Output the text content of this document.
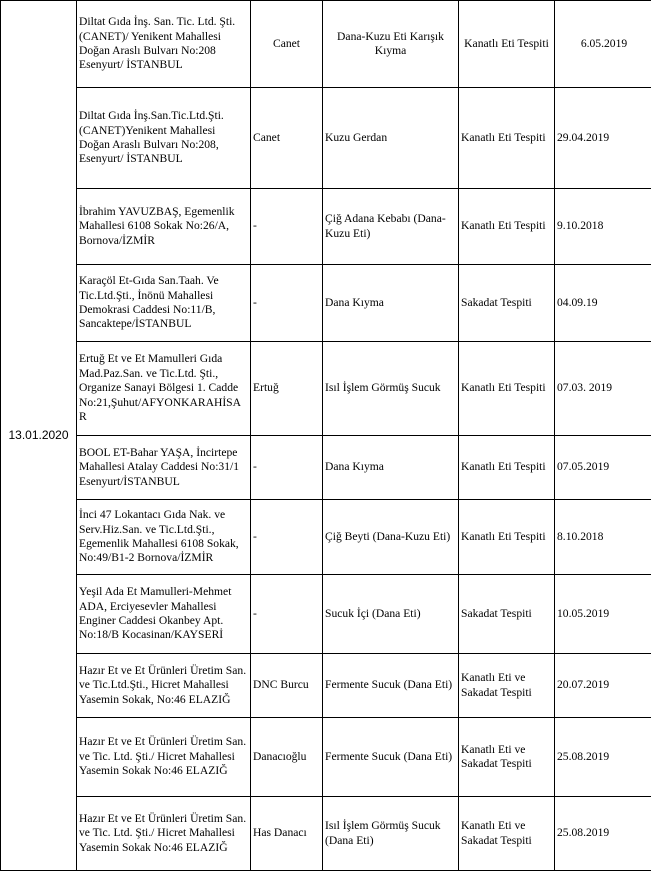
13.01.2020	Diltat Gıda İnş. San. Tic. Ltd. Şti. (CANET)/ Yenikent Mahallesi Doğan Araslı Bulvarı No:208 Esenyurt/ İSTANBUL	Canet	Dana-Kuzu Eti Karışık Kıyma	Kanatlı Eti Tespiti	6.05.2019
	Diltat Gıda İnş.San.Tic.Ltd.Şti. (CANET)Yenikent Mahallesi Doğan Araslı Bulvarı No:208, Esenyurt/ İSTANBUL	Canet	Kuzu Gerdan	Kanatlı Eti Tespiti	29.04.2019
	İbrahim YAVUZBAŞ, Egemenlik Mahallesi 6108 Sokak No:26/A, Bornova/İZMİR	-	Çiğ Adana Kebabı (Dana-Kuzu Eti)	Kanatlı Eti Tespiti	9.10.2018
	Karaçöl Et-Gıda San.Taah. Ve Tic.Ltd.Şti., İnönü Mahallesi Demokrasi Caddesi No:11/B, Sancaktepe/İSTANBUL	-	Dana Kıyma	Sakadat Tespiti	04.09.19
	Ertuğ Et ve Et Mamulleri Gıda Mad.Paz.San. ve Tic.Ltd. Şti., Organize Sanayi Bölgesi 1. Cadde No:21,Şuhut/AFYONKARAHİSAR	Ertuğ	Isıl İşlem Görmüş Sucuk	Kanatlı Eti Tespiti	07.03. 2019
	BOOL ET-Bahar YAŞA, İncirtepe Mahallesi Atalay Caddesi No:31/1 Esenyurt/İSTANBUL	-	Dana Kıyma	Kanatlı Eti Tespiti	07.05.2019
	İnci 47 Lokantacı Gıda Nak. ve Serv.Hiz.San. ve Tic.Ltd.Şti., Egemenlik Mahallesi 6108 Sokak, No:49/B1-2 Bornova/İZMİR	-	Çiğ Beyti (Dana-Kuzu Eti)	Kanatlı Eti Tespiti	8.10.2018
	Yeşil Ada Et Mamulleri-Mehmet ADA, Erciyesevler Mahallesi Enginer Caddesi Okanbey Apt. No:18/B Kocasinan/KAYSERİ	-	Sucuk İçi (Dana Eti)	Sakadat Tespiti	10.05.2019
	Hazır Et ve Et Ürünleri Üretim San. ve Tic.Ltd.Şti., Hicret Mahallesi Yasemin Sokak, No:46 ELAZIĞ	DNC Burcu	Fermente Sucuk (Dana Eti)	Kanatlı Eti ve Sakadat Tespiti	20.07.2019
	Hazır Et ve Et Ürünleri Üretim San. ve Tic. Ltd. Şti./ Hicret Mahallesi Yasemin Sokak No:46 ELAZIĞ	Danacıoğlu	Fermente Sucuk (Dana Eti)	Kanatlı Eti ve Sakadat Tespiti	25.08.2019
	Hazır Et ve Et Ürünleri Üretim San. ve Tic. Ltd. Şti./ Hicret Mahallesi Yasemin Sokak No:46 ELAZIĞ	Has Danacı	Isıl İşlem Görmüş Sucuk (Dana Eti)	Kanatlı Eti ve Sakadat Tespiti	25.08.2019
